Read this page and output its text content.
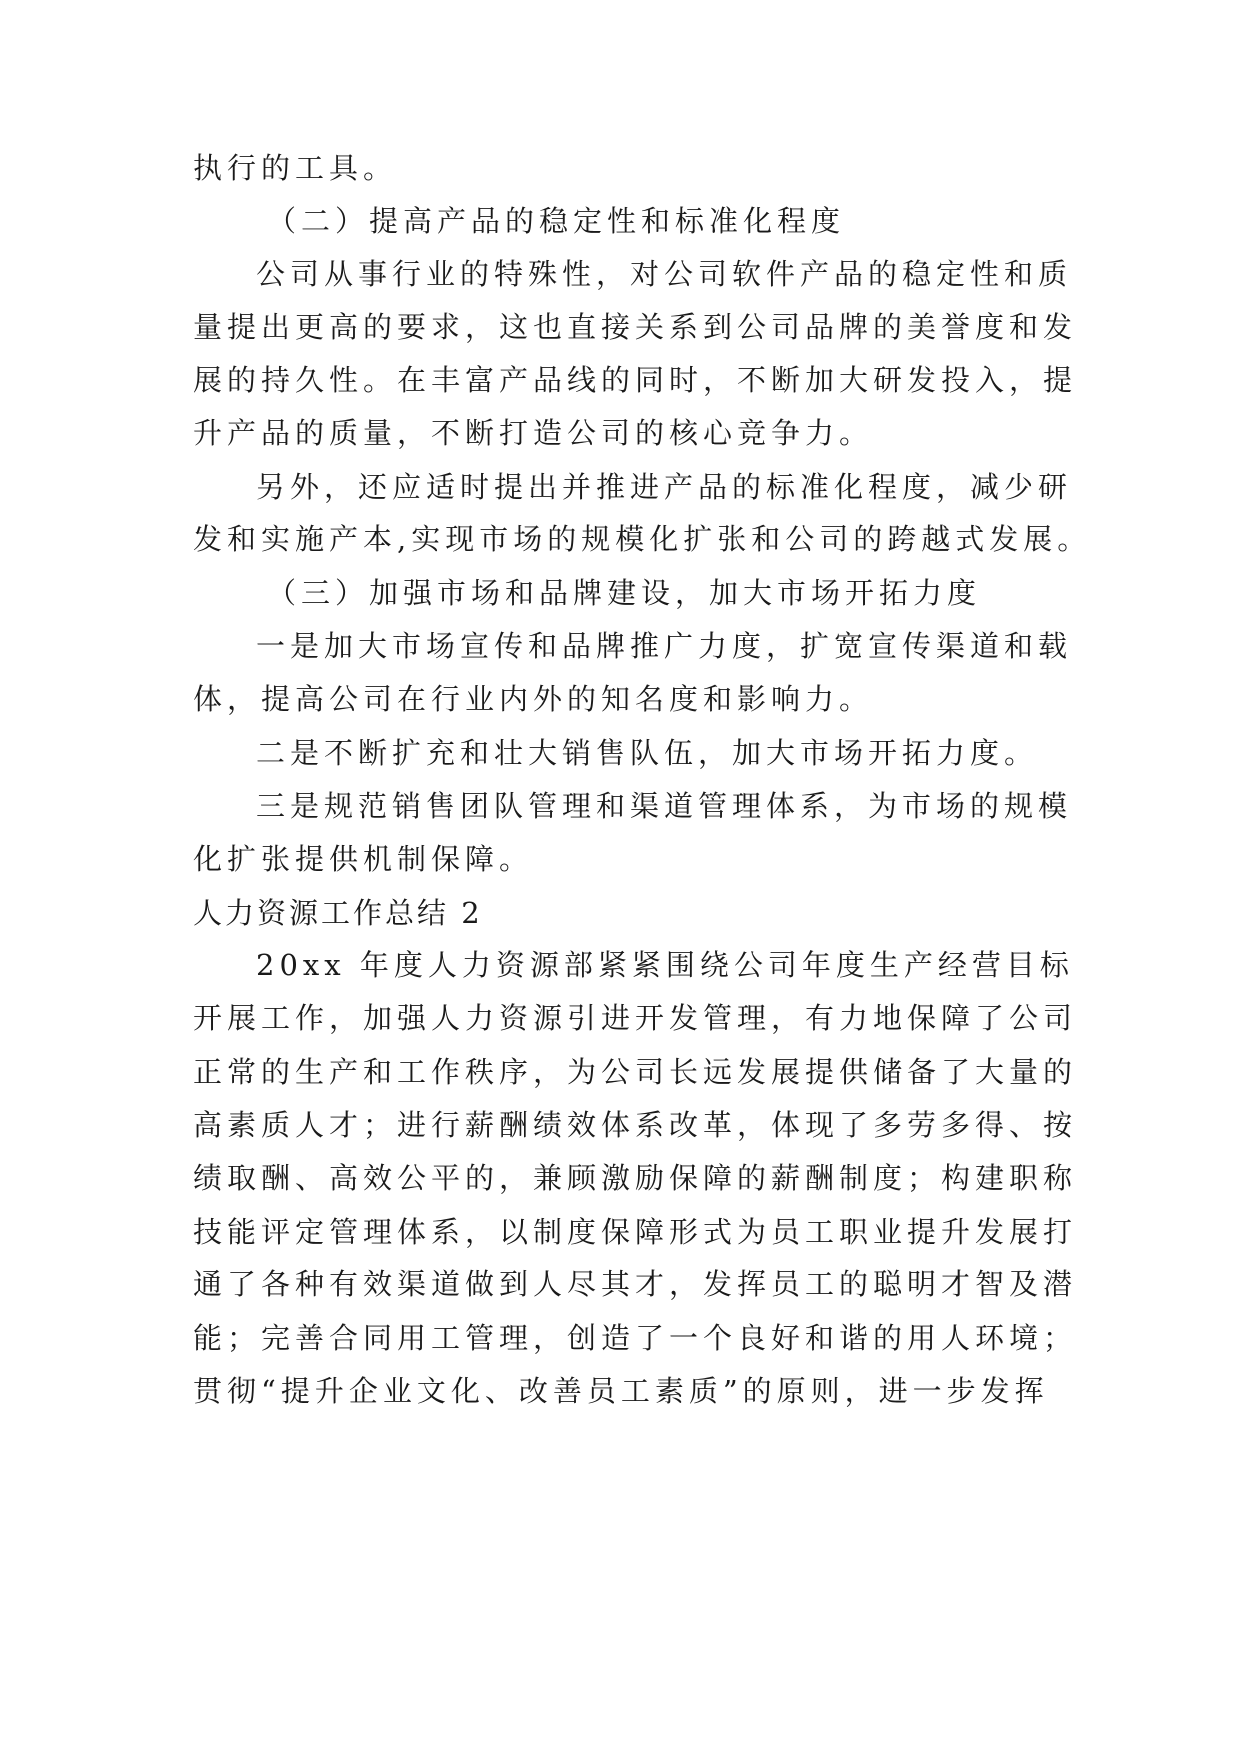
执行的工具。
（二）提高产品的稳定性和标准化程度
公司从事行业的特殊性，对公司软件产品的稳定性和质
量提出更高的要求，这也直接关系到公司品牌的美誉度和发
展的持久性。在丰富产品线的同时，不断加大研发投入，提
升产品的质量，不断打造公司的核心竞争力。
另外，还应适时提出并推进产品的标准化程度，减少研
发和实施产本,实现市场的规模化扩张和公司的跨越式发展。
（三）加强市场和品牌建设，加大市场开拓力度
一是加大市场宣传和品牌推广力度，扩宽宣传渠道和载
体，提高公司在行业内外的知名度和影响力。
二是不断扩充和壮大销售队伍，加大市场开拓力度。
三是规范销售团队管理和渠道管理体系，为市场的规模
化扩张提供机制保障。
人力资源工作总结 2
20xx 年度人力资源部紧紧围绕公司年度生产经营目标
开展工作，加强人力资源引进开发管理，有力地保障了公司
正常的生产和工作秩序，为公司长远发展提供储备了大量的
高素质人才；进行薪酬绩效体系改革，体现了多劳多得、按
绩取酬、高效公平的，兼顾激励保障的薪酬制度；构建职称
技能评定管理体系，以制度保障形式为员工职业提升发展打
通了各种有效渠道做到人尽其才，发挥员工的聪明才智及潜
能；完善合同用工管理，创造了一个良好和谐的用人环境；
贯彻“提升企业文化、改善员工素质”的原则，进一步发挥
